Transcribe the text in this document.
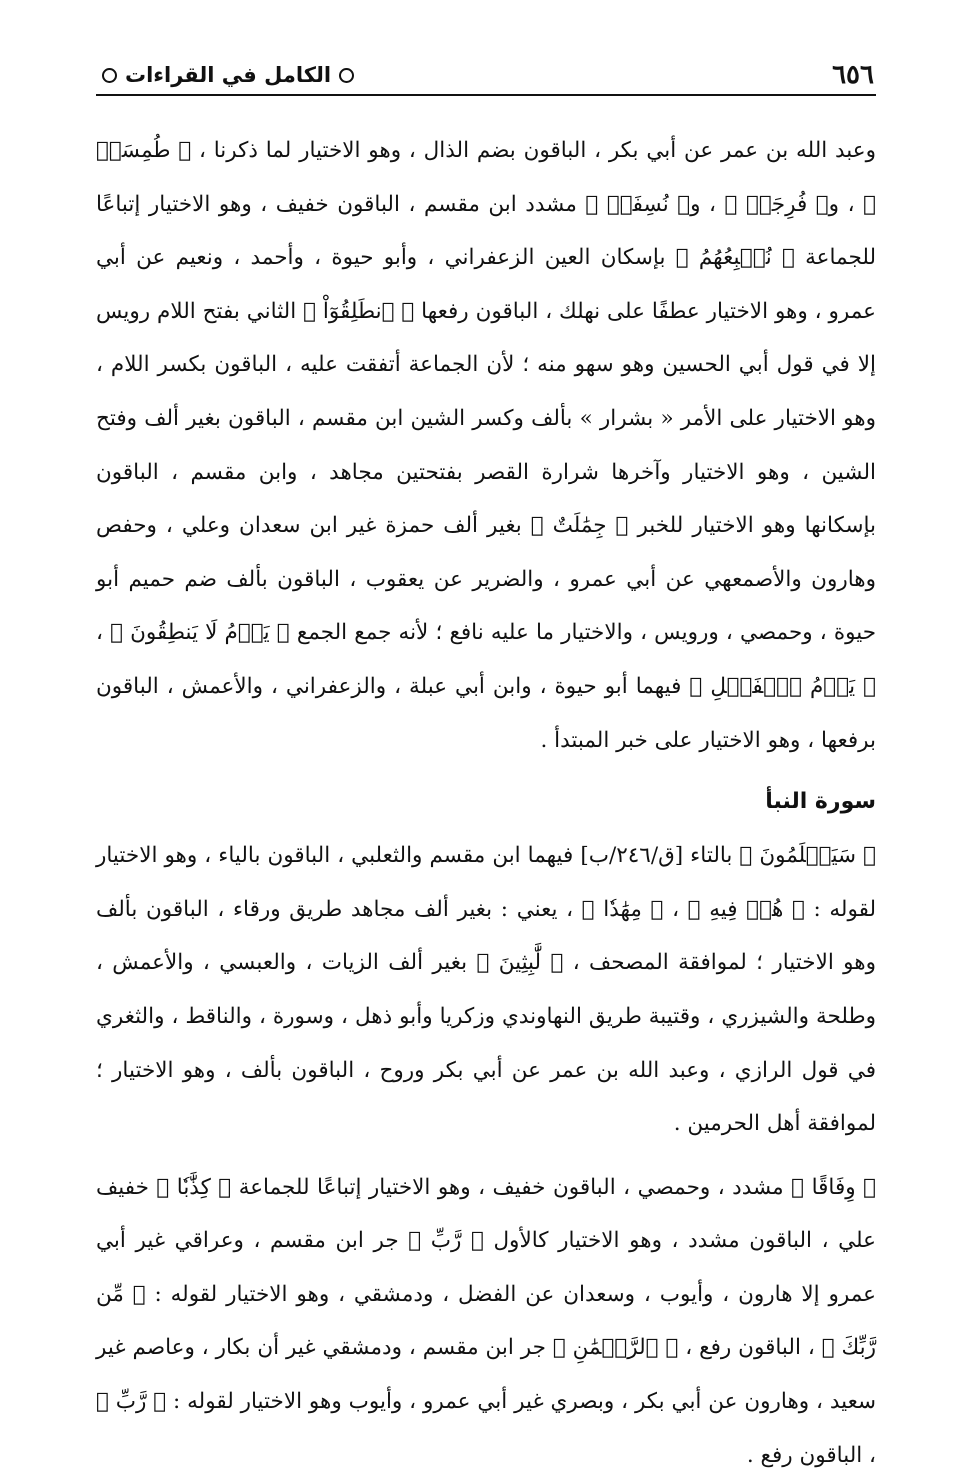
٦٥٦
الكامل في القراءات

وعبد الله بن عمر عن أبي بكر ، الباقون بضم الذال ، وهو الاختيار لما ذكرنا ، ﴿ طُمِسَتۡ ﴾ ، و﴿ فُرِجَتۡ ﴾ ، و﴿ نُسِفَتۡ ﴾ مشدد ابن مقسم ، الباقون خفيف ، وهو الاختيار إتباعًا للجماعة ﴿ نُتۡبِعُهُمُ ﴾ بإسكان العين الزعفراني ، وأبو حيوة ، وأحمد ، ونعيم عن أبي عمرو ، وهو الاختيار عطفًا على نهلك ، الباقون رفعها ﴿ ٱنطَلِقُوٓاْ ﴾ الثاني بفتح اللام رويس إلا في قول أبي الحسين وهو سهو منه ؛ لأن الجماعة أتفقت عليه ، الباقون بكسر اللام ، وهو الاختيار على الأمر « بشرار » بألف وكسر الشين ابن مقسم ، الباقون بغير ألف وفتح الشين ، وهو الاختيار وآخرها شرارة القصر بفتحتين مجاهد ، وابن مقسم ، الباقون بإسكانها وهو الاختيار للخبر ﴿ جِمَٰلَتٌ ﴾ بغير ألف حمزة غير ابن سعدان وعلي ، وحفص وهارون والأصمعهي عن أبي عمرو ، والضرير عن يعقوب ، الباقون بألف ضم حميم أبو حيوة ، وحمصي ، ورويس ، والاختيار ما عليه نافع ؛ لأنه جمع الجمع ﴿ يَوۡمُ لَا يَنطِقُونَ ﴾ ، ﴿ يَوۡمُ ٱلۡفَصۡلِ ﴾ فيهما أبو حيوة ، وابن أبي عبلة ، والزعفراني ، والأعمش ، الباقون برفعها ، وهو الاختيار على خبر المبتدأ .

سورة النبأ

﴿ سَيَعۡلَمُونَ ﴾ بالتاء [ق/٢٤٦/ب] فيهما ابن مقسم والثعلبي ، الباقون بالياء ، وهو الاختيار لقوله : ﴿ هُمۡ فِيهِ ﴾ ، ﴿ مِهَٰدٗا ﴾ ، يعني : بغير ألف مجاهد طريق ورقاء ، الباقون بألف وهو الاختيار ؛ لموافقة المصحف ، ﴿ لَّٰبِثِينَ ﴾ بغير ألف الزيات ، والعبسي ، والأعمش ، وطلحة والشيزري ، وقتيبة طريق النهاوندي وزكريا وأبو ذهل ، وسورة ، والناقط ، والثغري في قول الرازي ، وعبد الله بن عمر عن أبي بكر وروح ، الباقون بألف ، وهو الاختيار ؛ لموافقة أهل الحرمين .

﴿ وِفَاقًا ﴾ مشدد ، وحمصي ، الباقون خفيف ، وهو الاختيار إتباعًا للجماعة ﴿ كِذَّٰبٗا ﴾ خفيف علي ، الباقون مشدد ، وهو الاختيار كالأول ﴿ رَّبِّ ﴾ جر ابن مقسم ، وعراقي غير أبي عمرو إلا هارون ، وأيوب ، وسعدان عن الفضل ، ودمشقي ، وهو الاختيار لقوله : ﴿ مِّن رَّبِّكَ ﴾ ، الباقون رفع ، ﴿ ٱلرَّحۡمَٰنِ ﴾ جر ابن مقسم ، ودمشقي غير أن بكار ، وعاصم غير سعيد ، وهارون عن أبي بكر ، وبصري غير أبي عمرو ، وأيوب وهو الاختيار لقوله : ﴿ رَّبِّ ﴾ ، الباقون رفع .
